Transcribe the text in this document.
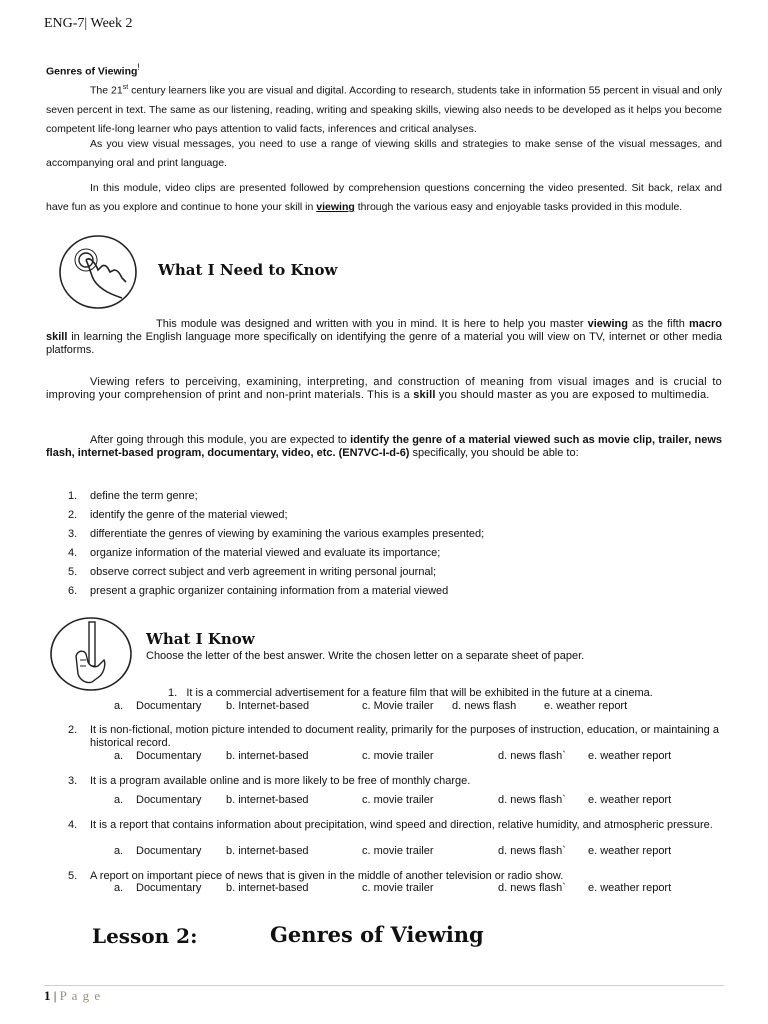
ENG-7| Week 2
Genres of Viewing!
The 21st century learners like you are visual and digital. According to research, students take in information 55 percent in visual and only seven percent in text. The same as our listening, reading, writing and speaking skills, viewing also needs to be developed as it helps you become competent life-long learner who pays attention to valid facts, inferences and critical analyses.
As you view visual messages, you need to use a range of viewing skills and strategies to make sense of the visual messages, and accompanying oral and print language.
In this module, video clips are presented followed by comprehension questions concerning the video presented. Sit back, relax and have fun as you explore and continue to hone your skill in viewing through the various easy and enjoyable tasks provided in this module.
What I Need to Know
This module was designed and written with you in mind. It is here to help you master viewing as the fifth macro skill in learning the English language more specifically on identifying the genre of a material you will view on TV, internet or other media platforms.
Viewing refers to perceiving, examining, interpreting, and construction of meaning from visual images and is crucial to improving your comprehension of print and non-print materials. This is a skill you should master as you are exposed to multimedia.
After going through this module, you are expected to identify the genre of a material viewed such as movie clip, trailer, news flash, internet-based program, documentary, video, etc. (EN7VC-I-d-6) specifically, you should be able to:
1. define the term genre;
2. identify the genre of the material viewed;
3. differentiate the genres of viewing by examining the various examples presented;
4. organize information of the material viewed and evaluate its importance;
5. observe correct subject and verb agreement in writing personal journal;
6. present a graphic organizer containing information from a material viewed
What I Know
Choose the letter of the best answer. Write the chosen letter on a separate sheet of paper.
1. It is a commercial advertisement for a feature film that will be exhibited in the future at a cinema.
a. Documentary b. Internet-based	c. Movie trailer d. news flash	e. weather report
2. It is non-fictional, motion picture intended to document reality, primarily for the purposes of instruction, education, or maintaining a historical record.
a. Documentary b. internet-based	c. movie trailer	d. news flash` e. weather report
3. It is a program available online and is more likely to be free of monthly charge.
a. Documentary b. internet-based	c. movie trailer	d. news flash` e. weather report
4. It is a report that contains information about precipitation, wind speed and direction, relative humidity, and atmospheric pressure.
a. Documentary b. internet-based	c. movie trailer	d. news flash` e. weather report
5. A report on important piece of news that is given in the middle of another television or radio show.
a. Documentary b. internet-based	c. movie trailer	d. news flash` e. weather report
Lesson 2:	Genres of Viewing
1 | P a g e
